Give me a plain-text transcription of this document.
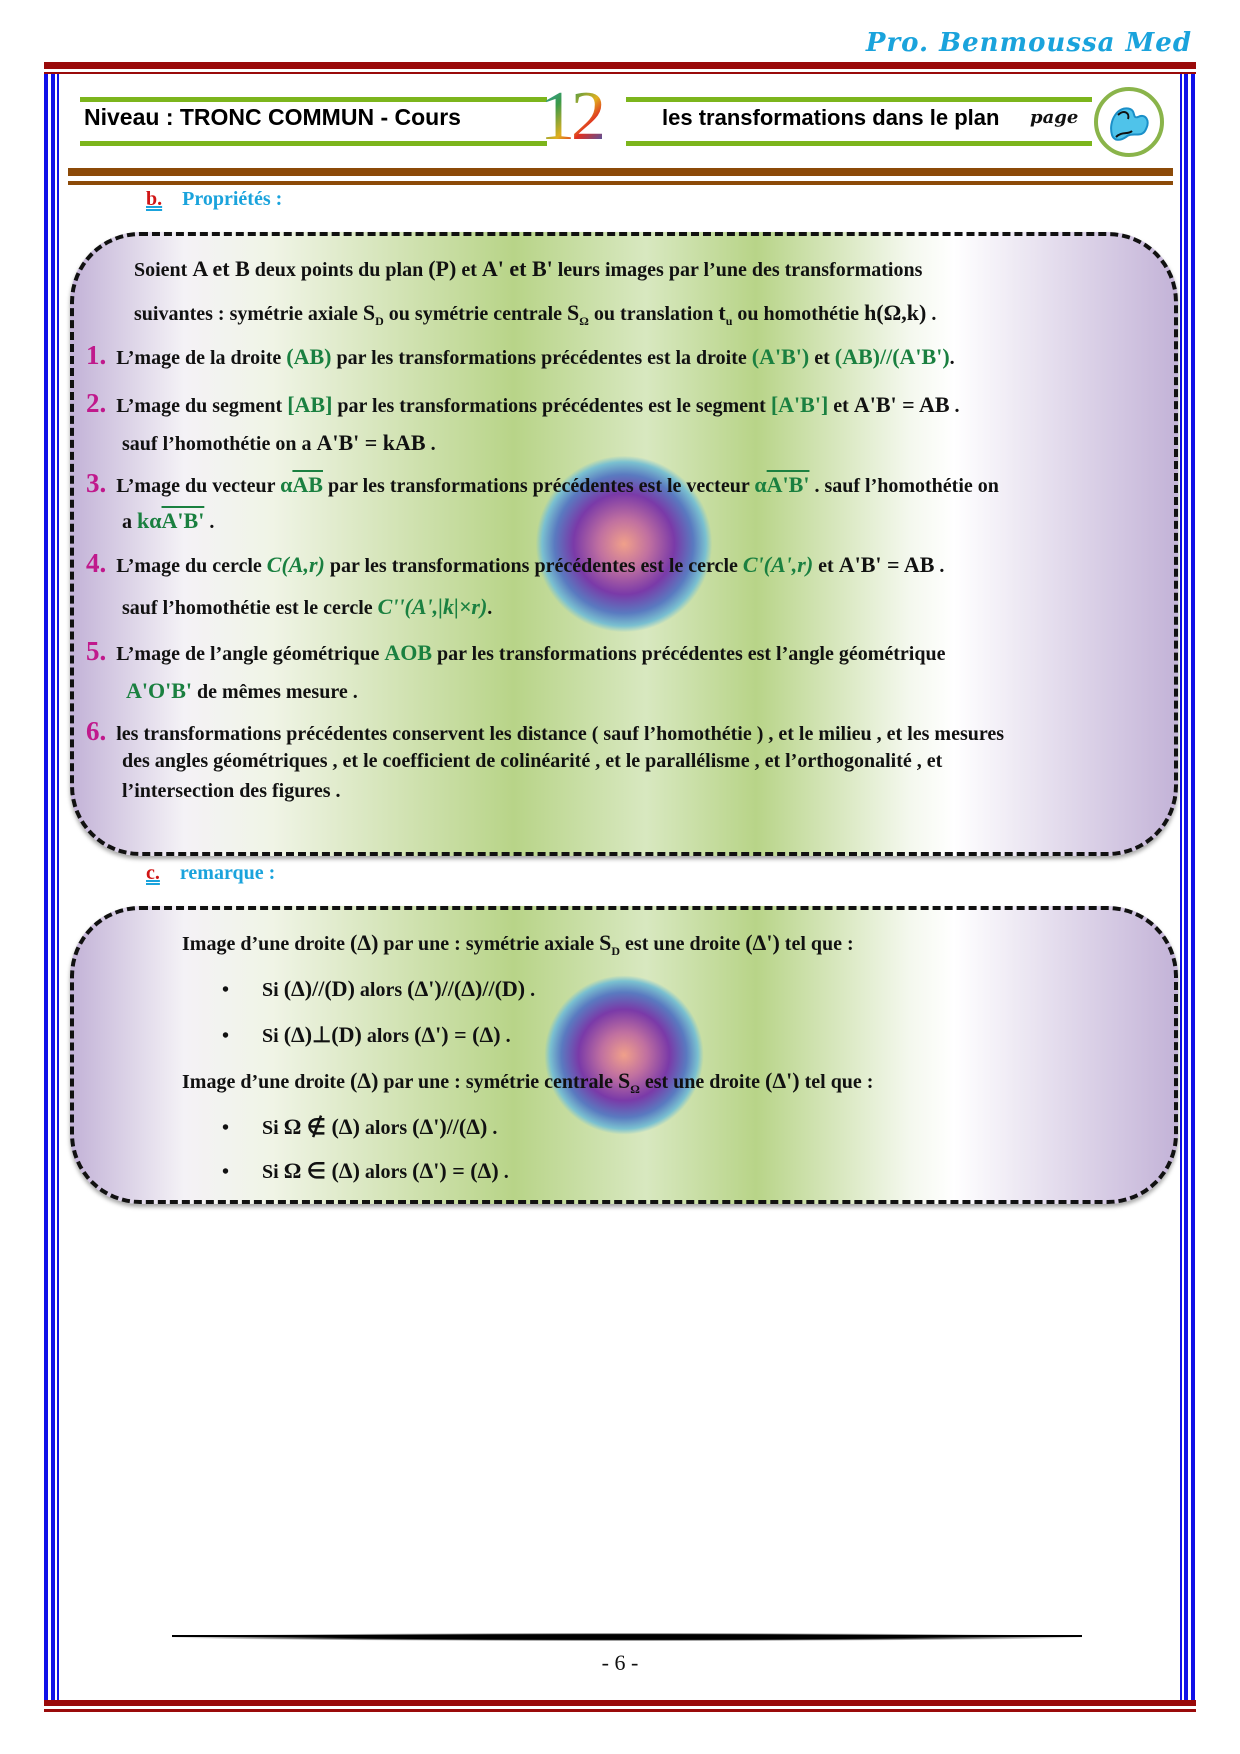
Pro. Benmoussa Med
Niveau : TRONC COMMUN - Cours 12	les transformations dans le plan page
b. Propriétés :
Soient A et B deux points du plan (P) et A' et B' leurs images par l’une des transformations
suivantes : symétrie axiale $S_D$ ou symétrie centrale $S_\Omega$ ou translation $t_u$ ou homothétie h(Ω,k) .
1. L’mage de la droite (AB) par les transformations précédentes est la droite (A'B') et (AB)//(A'B').
2. L’mage du segment [AB] par les transformations précédentes est le segment [A'B'] et A'B' = AB .
sauf l’homothétie on a A'B' = kAB .
3. L’mage du vecteur $\alpha\overline{AB}$ par les transformations précédentes est le vecteur αA'B' . sauf l’homothétie on
a kαA'B' .
4. L’mage du cercle C(A,r) par les transformations précédentes est le cercle C'(A',r) et A'B' = AB .
sauf l’homothétie est le cercle C''(A',|k|×r).
5. L’mage de l’angle géométrique AOB par les transformations précédentes est l’angle géométrique
A'O'B' de mêmes mesure .
6. les transformations précédentes conservent les distance ( sauf l’homothétie ) , et le milieu , et les mesures
des angles géométriques , et le coefficient de colinéarité , et le parallélisme , et l’orthogonalité , et
l’intersection des figures .
c. remarque :
Image d’une droite (Δ) par une : symétrie axiale $S_D$ est une droite (Δ') tel que :
• Si (Δ)//(D) alors (Δ')//(Δ)//(D) .
• Si (Δ)⊥(D) alors (Δ') = (Δ) .
Image d’une droite (Δ) par une : symétrie centrale $S_\Omega$ est une droite (Δ') tel que :
• Si Ω ∉ (Δ) alors (Δ')//(Δ) .
• Si Ω ∈ (Δ) alors (Δ') = (Δ) .
- 6 -
